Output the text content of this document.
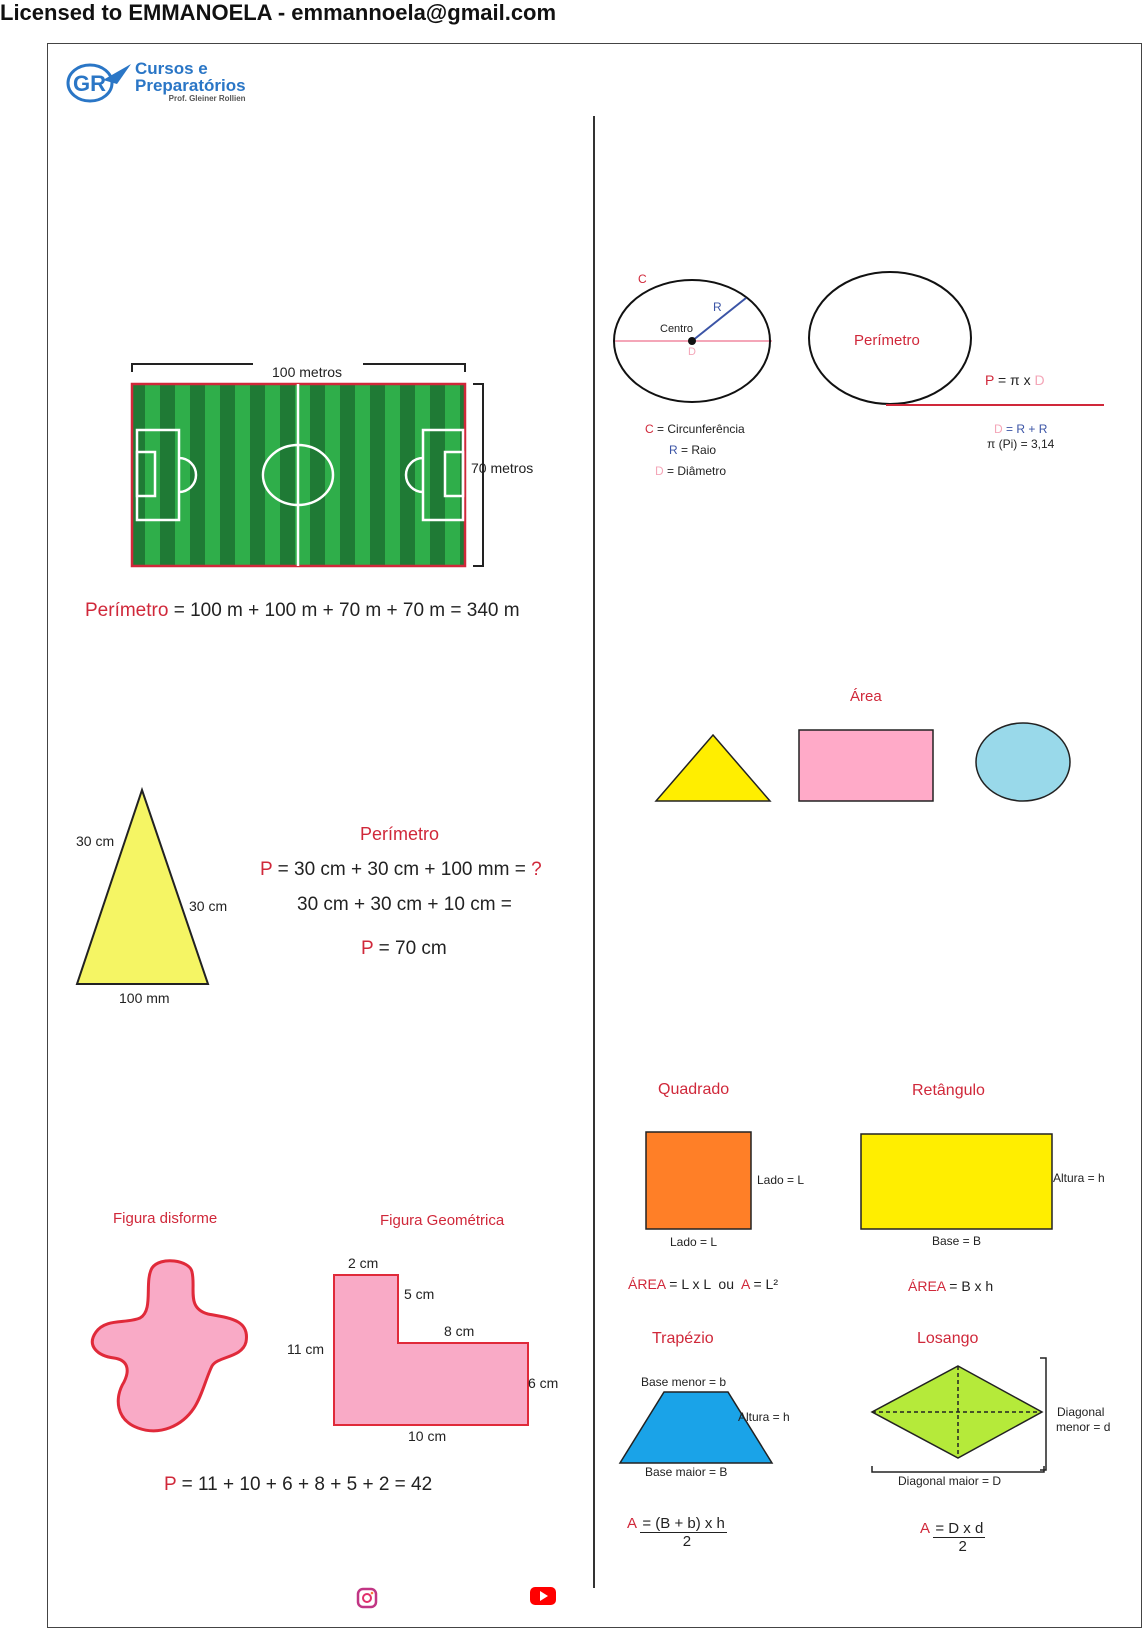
Licensed to EMMANOELA - emmannoela@gmail.com
GR
Cursos e
Preparatórios
Prof. Gleiner Rollien
100 metros
70 metros
Perímetro = 100 m + 100 m + 70 m + 70 m = 340 m
30 cm
30 cm
100 mm
Perímetro
P = 30 cm + 30 cm + 100 mm = ?
30 cm + 30 cm + 10 cm =
P = 70 cm
Figura disforme	Figura Geométrica
2 cm
5 cm
8 cm
11 cm
6 cm
10 cm
P = 11 + 10 + 6 + 8 + 5 + 2 = 42
C
R
Centro
D
C = Circunferência
R = Raio
D = Diâmetro
Perímetro
P = π x D
D = R + R
π (Pi) = 3,14
Área
Quadrado
Lado = L
Lado = L
ÁREA = L x L ou A = L²
Retângulo
Altura = h
Base = B
ÁREA = B x h
Trapézio
Base menor = b
Altura = h
Base maior = B
A = (B + b) x h
2
Losango
Diagonal
menor = d
Diagonal maior = D
A = D x d
2
